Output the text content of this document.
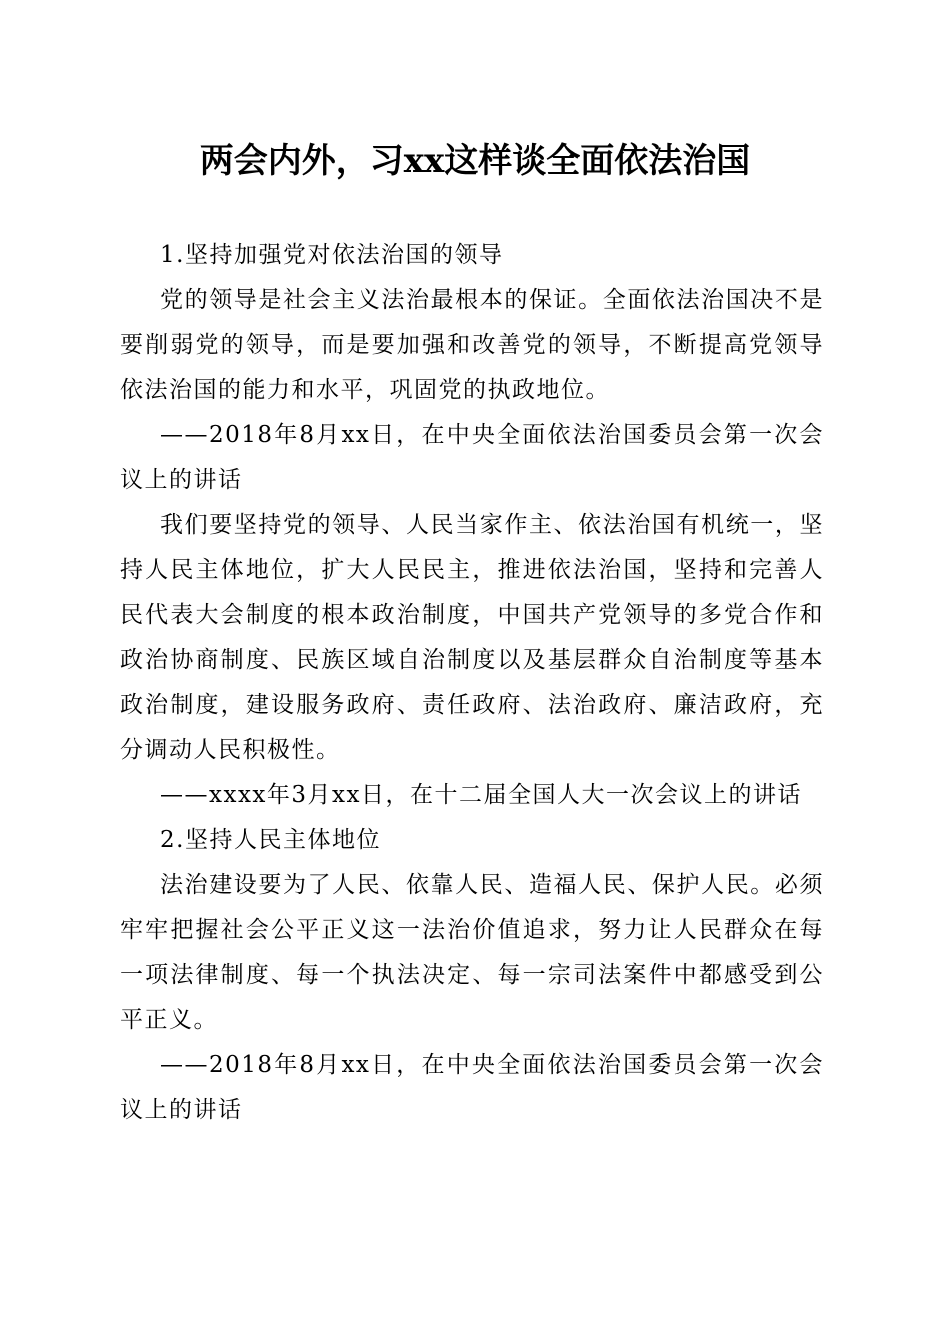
两会内外，习xx这样谈全面依法治国

1.坚持加强党对依法治国的领导

党的领导是社会主义法治最根本的保证。全面依法治国决不是要削弱党的领导，而是要加强和改善党的领导，不断提高党领导依法治国的能力和水平，巩固党的执政地位。

——2018年8月xx日，在中央全面依法治国委员会第一次会议上的讲话

我们要坚持党的领导、人民当家作主、依法治国有机统一，坚持人民主体地位，扩大人民民主，推进依法治国，坚持和完善人民代表大会制度的根本政治制度，中国共产党领导的多党合作和政治协商制度、民族区域自治制度以及基层群众自治制度等基本政治制度，建设服务政府、责任政府、法治政府、廉洁政府，充分调动人民积极性。

——xxxx年3月xx日，在十二届全国人大一次会议上的讲话

2.坚持人民主体地位

法治建设要为了人民、依靠人民、造福人民、保护人民。必须牢牢把握社会公平正义这一法治价值追求，努力让人民群众在每一项法律制度、每一个执法决定、每一宗司法案件中都感受到公平正义。

——2018年8月xx日，在中央全面依法治国委员会第一次会议上的讲话
